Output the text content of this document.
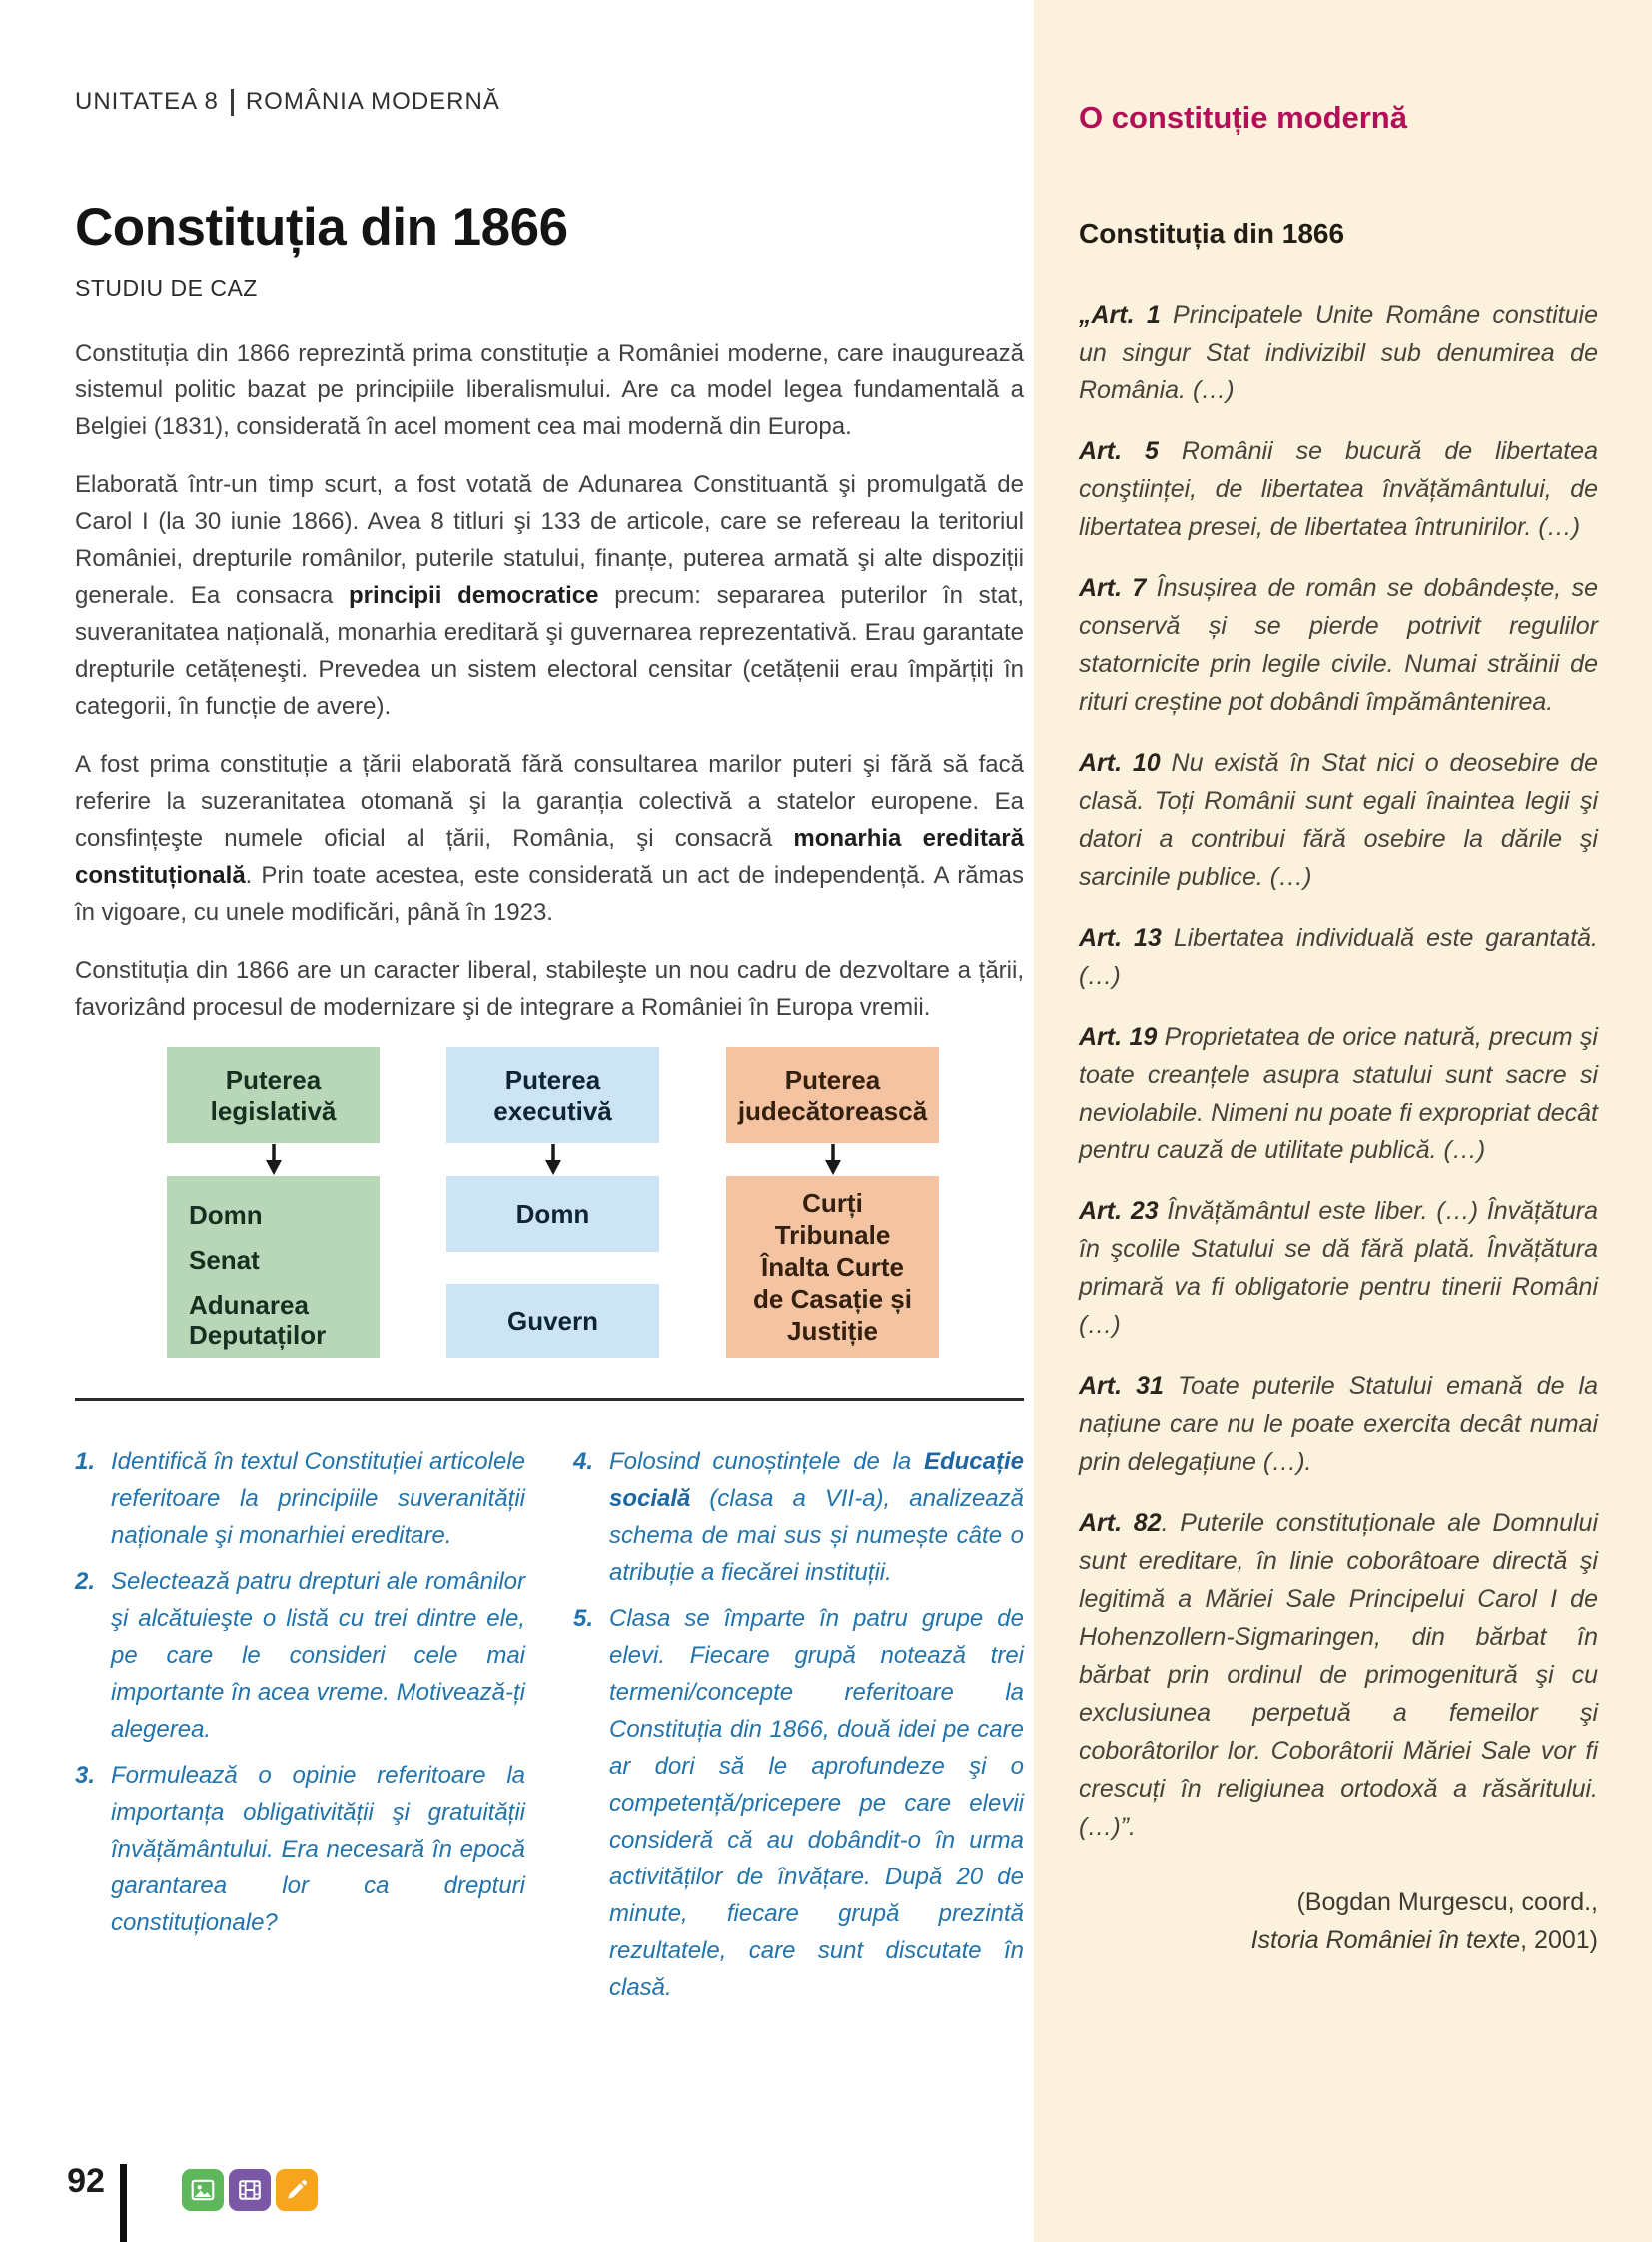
UNITATEA 8 ROMÂNIA MODERNĂ
Constituția din 1866
STUDIU DE CAZ

Constituția din 1866 reprezintă prima constituție a României moderne, care inaugurează sistemul politic bazat pe principiile liberalismului. Are ca model legea fundamentală a Belgiei (1831), considerată în acel moment cea mai modernă din Europa.

Elaborată într-un timp scurt, a fost votată de Adunarea Constituantă şi promulgată de Carol I (la 30 iunie 1866). Avea 8 titluri şi 133 de articole, care se refereau la teritoriul României, drepturile românilor, puterile statului, finanțe, puterea armată şi alte dispoziții generale. Ea consacra principii democratice precum: separarea puterilor în stat, suveranitatea națională, monarhia ereditară şi guvernarea reprezentativă. Erau garantate drepturile cetățeneşti. Prevedea un sistem electoral censitar (cetățenii erau împărțiți în categorii, în funcție de avere).

A fost prima constituție a țării elaborată fără consultarea marilor puteri şi fără să facă referire la suzeranitatea otomană şi la garanția colectivă a statelor europene. Ea consfințeşte numele oficial al țării, România, şi consacră monarhia ereditară constituțională. Prin toate acestea, este considerată un act de independență. A rămas în vigoare, cu unele modificări, până în 1923.

Constituția din 1866 are un caracter liberal, stabileşte un nou cadru de dezvoltare a țării, favorizând procesul de modernizare şi de integrare a României în Europa vremii.

Puterea
legislativă
Domn
Senat
Adunarea Deputaților
Puterea
executivă
Domn
Guvern
Puterea
judecătorească
Curți
Tribunale
Înalta Curte
de Casație și
Justiție
1. Identifică în textul Constituției articolele referitoare la principiile suveranității naționale şi monarhiei ereditare.
2. Selectează patru drepturi ale românilor şi alcătuieşte o listă cu trei dintre ele, pe care le consideri cele mai importante în acea vreme. Motivează-ți alegerea.
3. Formulează o opinie referitoare la importanța obligativității şi gratuității învățământului. Era necesară în epocă garantarea lor ca drepturi constituționale?
4. Folosind cunoștințele de la Educație socială (clasa a VII-a), analizează schema de mai sus și numește câte o atribuție a fiecărei instituții.
5. Clasa se împarte în patru grupe de elevi. Fiecare grupă notează trei termeni/concepte referitoare la Constituția din 1866, două idei pe care ar dori să le aprofundeze şi o competență/pricepere pe care elevii consideră că au dobândit-o în urma activităților de învățare. După 20 de minute, fiecare grupă prezintă rezultatele, care sunt discutate în clasă.
O constituție modernă
Constituția din 1866

„Art. 1 Principatele Unite Române constituie un singur Stat indivizibil sub denumirea de România. (…)

Art. 5 Românii se bucură de libertatea conştiinței, de libertatea învățământului, de libertatea presei, de libertatea întrunirilor. (…)

Art. 7 Însușirea de român se dobândește, se conservă și se pierde potrivit regulilor statornicite prin legile civile. Numai străinii de rituri creștine pot dobândi împământenirea.

Art. 10 Nu există în Stat nici o deosebire de clasă. Toți Românii sunt egali înaintea legii şi datori a contribui fără osebire la dările şi sarcinile publice. (…)

Art. 13 Libertatea individuală este garantată. (…)

Art. 19 Proprietatea de orice natură, precum şi toate creanțele asupra statului sunt sacre si neviolabile. Nimeni nu poate fi expropriat decât pentru cauză de utilitate publică. (…)

Art. 23 Învățământul este liber. (…) Învățătura în şcolile Statului se dă fără plată. Învățătura primară va fi obligatorie pentru tinerii Români (…)

Art. 31 Toate puterile Statului emană de la națiune care nu le poate exercita decât numai prin delegațiune (…).

Art. 82. Puterile constituționale ale Domnului sunt ereditare, în linie coborâtoare directă şi legitimă a Măriei Sale Principelui Carol I de Hohenzollern-Sigmaringen, din bărbat în bărbat prin ordinul de primogenitură şi cu exclusiunea perpetuă a femeilor şi coborâtorilor lor. Coborâtorii Măriei Sale vor fi crescuți în religiunea ortodoxă a răsăritului. (…)”.

(Bogdan Murgescu, coord.,
Istoria României în texte, 2001)
92
